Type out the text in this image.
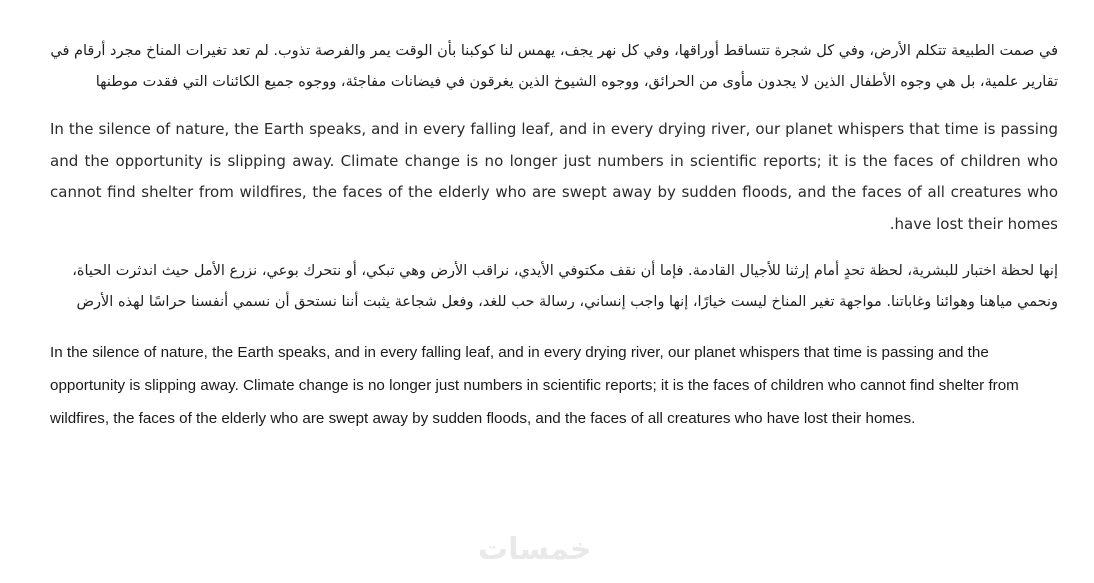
في صمت الطبيعة تتكلم الأرض، وفي كل شجرة تتساقط أوراقها، وفي كل نهر يجف، يهمس لنا كوكبنا بأن الوقت يمر والفرصة تذوب. لم تعد تغيرات المناخ مجرد أرقام في تقارير علمية، بل هي وجوه الأطفال الذين لا يجدون مأوى من الحرائق، ووجوه الشيوخ الذين يغرقون في فيضانات مفاجئة، ووجوه جميع الكائنات التي فقدت موطنها

In the silence of nature, the Earth speaks, and in every falling leaf, and in every drying river, our planet whispers that time is passing and the opportunity is slipping away. Climate change is no longer just numbers in scientific reports; it is the faces of children who cannot find shelter from wildfires, the faces of the elderly who are swept away by sudden floods, and the faces of all creatures who have lost their homes.

إنها لحظة اختبار للبشرية، لحظة تحدٍ أمام إرثنا للأجيال القادمة. فإما أن نقف مكتوفي الأيدي، نراقب الأرض وهي تبكي، أو نتحرك بوعي، نزرع الأمل حيث اندثرت الحياة، ونحمي مياهنا وهوائنا وغاباتنا. مواجهة تغير المناخ ليست خيارًا، إنها واجب إنساني، رسالة حب للغد، وفعل شجاعة يثبت أننا نستحق أن نسمي أنفسنا حراسًا لهذه الأرض

In the silence of nature, the Earth speaks, and in every falling leaf, and in every drying river, our planet whispers that time is passing and the opportunity is slipping away. Climate change is no longer just numbers in scientific reports; it is the faces of children who cannot find shelter from wildfires, the faces of the elderly who are swept away by sudden floods, and the faces of all creatures who have lost their homes.

خمسات
